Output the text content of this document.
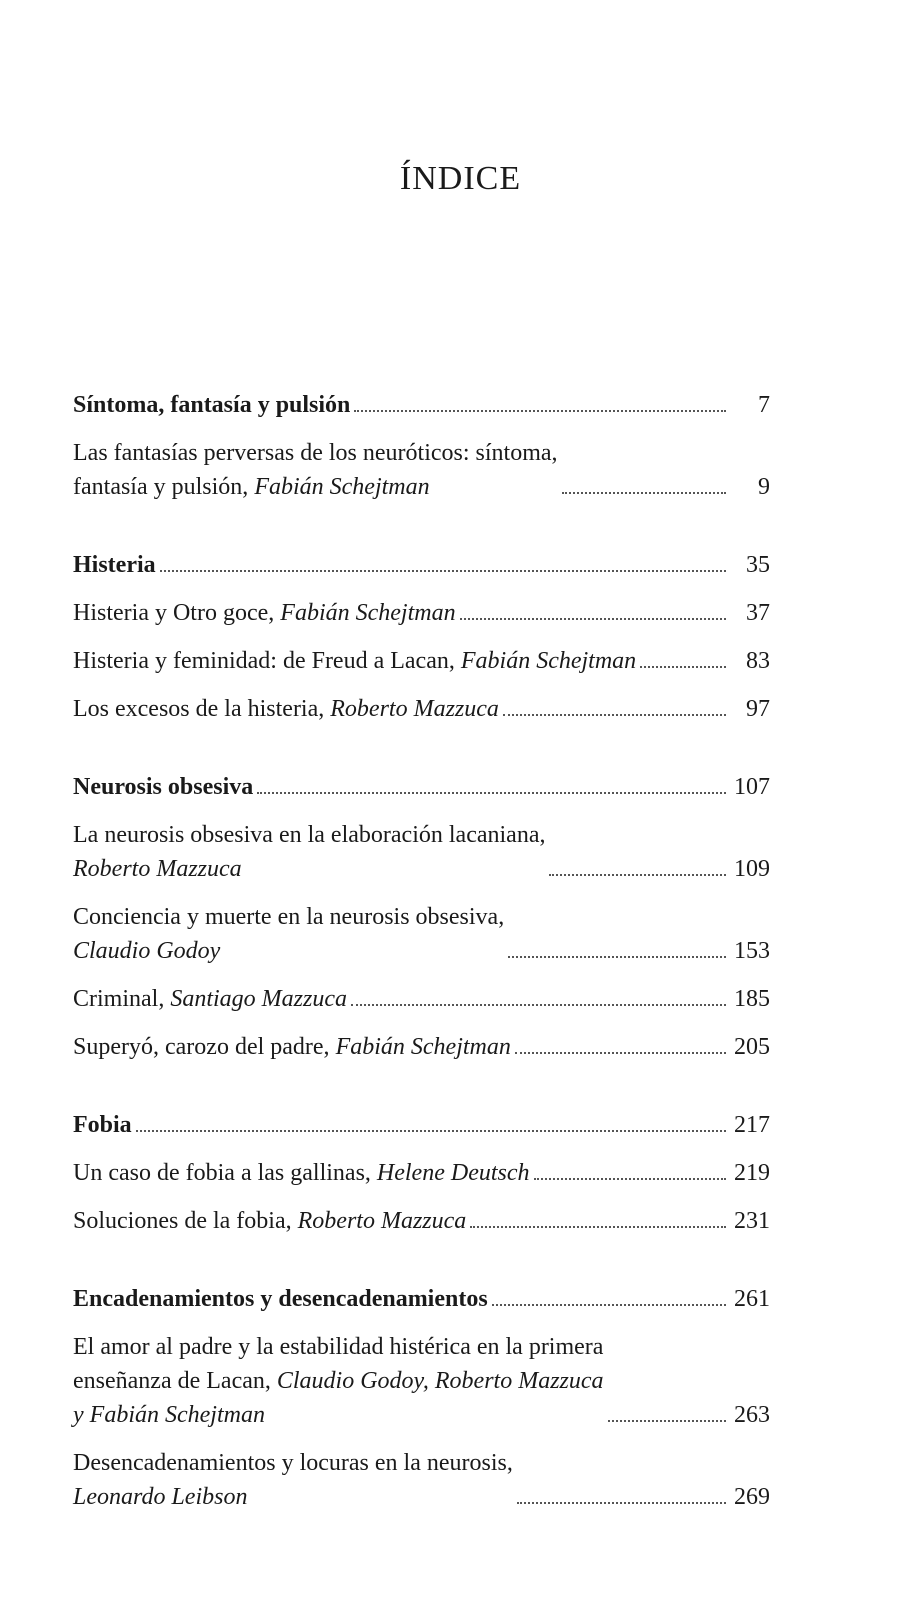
ÍNDICE
Síntoma, fantasía y pulsión	7
Las fantasías perversas de los neuróticos: síntoma,
fantasía y pulsión, Fabián Schejtman	9
Histeria	35
Histeria y Otro goce, Fabián Schejtman	37
Histeria y feminidad: de Freud a Lacan, Fabián Schejtman	83
Los excesos de la histeria, Roberto Mazzuca	97
Neurosis obsesiva	107
La neurosis obsesiva en la elaboración lacaniana,
Roberto Mazzuca	109
Conciencia y muerte en la neurosis obsesiva,
Claudio Godoy	153
Criminal, Santiago Mazzuca	185
Superyó, carozo del padre, Fabián Schejtman	205
Fobia	217
Un caso de fobia a las gallinas, Helene Deutsch	219
Soluciones de la fobia, Roberto Mazzuca	231
Encadenamientos y desencadenamientos	261
El amor al padre y la estabilidad histérica en la primera
enseñanza de Lacan, Claudio Godoy, Roberto Mazzuca
y Fabián Schejtman	263
Desencadenamientos y locuras en la neurosis,
Leonardo Leibson	269
